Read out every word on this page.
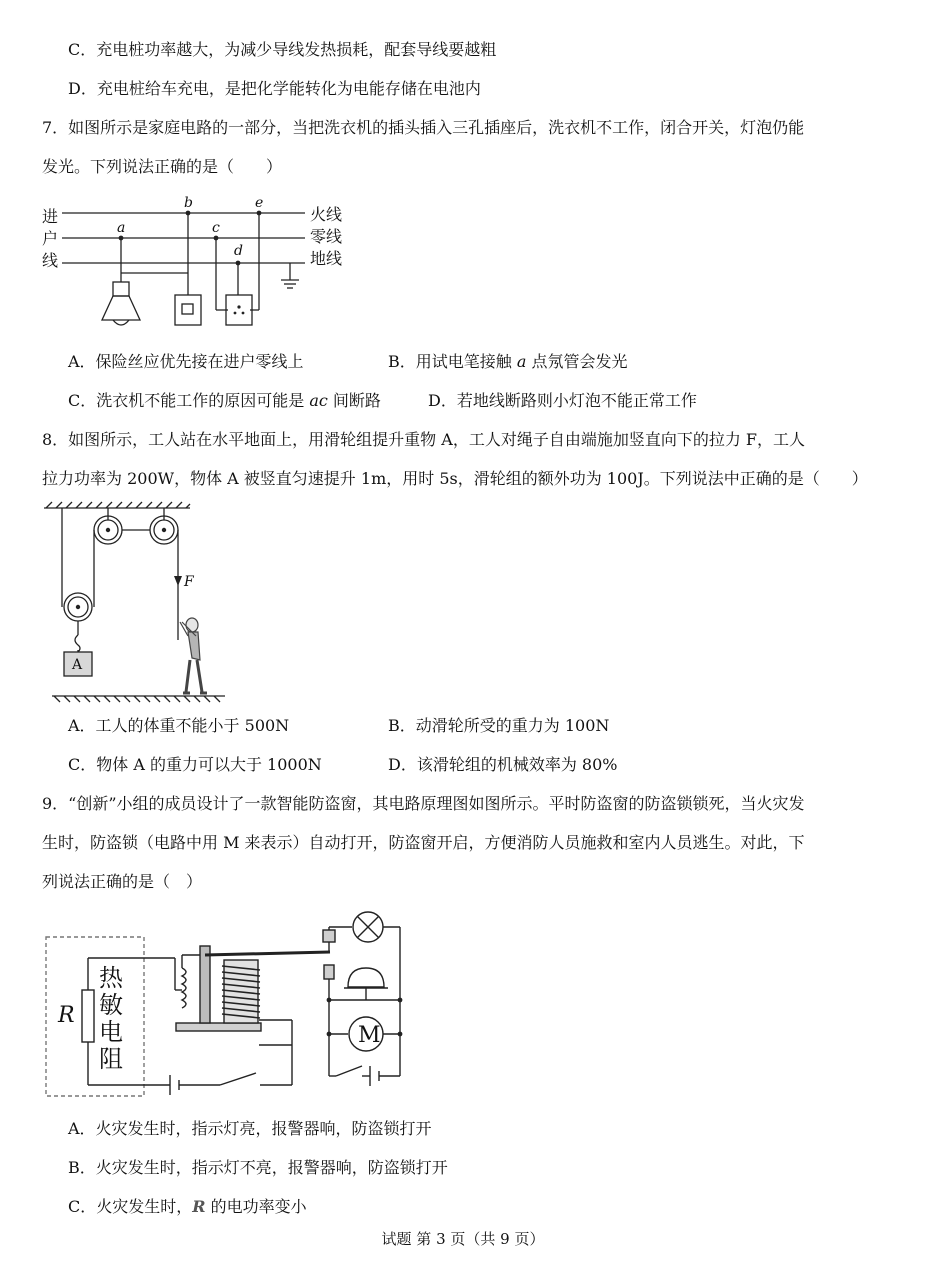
C．充电桩功率越大，为减少导线发热损耗，配套导线要越粗
D．充电桩给车充电，是把化学能转化为电能存储在电池内
7．如图所示是家庭电路的一部分，当把洗衣机的插头插入三孔插座后，洗衣机不工作，闭合开关，灯泡仍能
发光。下列说法正确的是（　　）
进
户
线
火线
零线
地线
a
b
c
d
e
A．保险丝应优先接在进户零线上	B．用试电笔接触 a 点氖管会发光
C．洗衣机不能工作的原因可能是 ac 间断路	D．若地线断路则小灯泡不能正常工作
8．如图所示，工人站在水平地面上，用滑轮组提升重物 A，工人对绳子自由端施加竖直向下的拉力 F，工人
拉力功率为 200W，物体 A 被竖直匀速提升 1m，用时 5s，滑轮组的额外功为 100J。下列说法中正确的是（　　）
F
A
A．工人的体重不能小于 500N	B．动滑轮所受的重力为 100N
C．物体 A 的重力可以大于 1000N	D．该滑轮组的机械效率为 80%
9．“创新”小组的成员设计了一款智能防盗窗，其电路原理图如图所示。平时防盗窗的防盗锁锁死，当火灾发
生时，防盗锁（电路中用 M 来表示）自动打开，防盗窗开启，方便消防人员施救和室内人员逃生。对此，下
列说法正确的是（　）
R
热
敏
电
阻
M
A．火灾发生时，指示灯亮，报警器响，防盗锁打开
B．火灾发生时，指示灯不亮，报警器响，防盗锁打开
C．火灾发生时，R 的电功率变小
试题 第 3 页（共 9 页）
